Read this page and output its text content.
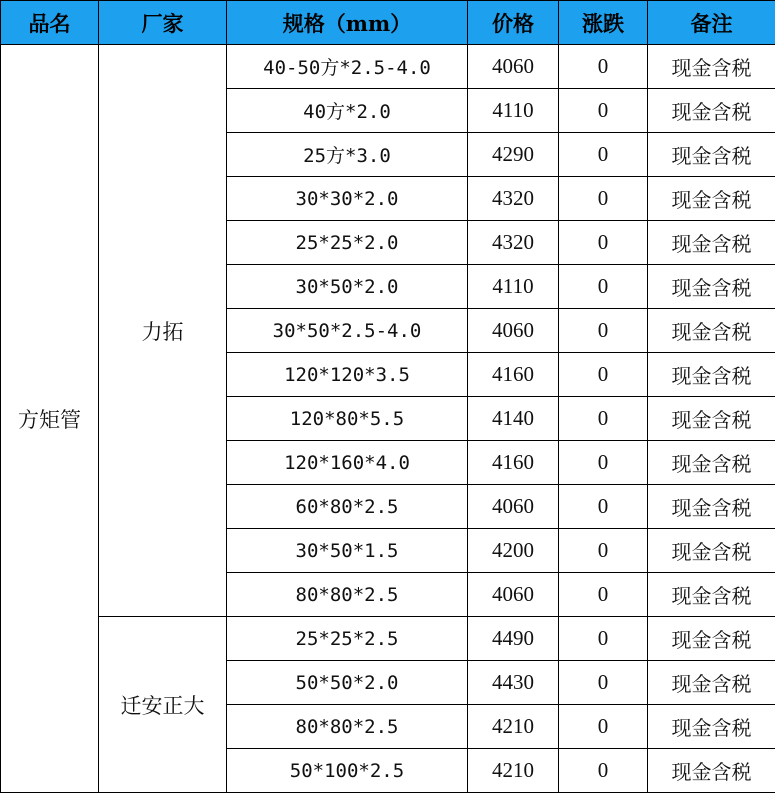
品名	厂家	规格（mm）	价格	涨跌	备注
方矩管	力拓	40-50方*2.5-4.0	4060	0	现金含税
		40方*2.0	4110	0	现金含税
		25方*3.0	4290	0	现金含税
		30*30*2.0	4320	0	现金含税
		25*25*2.0	4320	0	现金含税
		30*50*2.0	4110	0	现金含税
		30*50*2.5-4.0	4060	0	现金含税
		120*120*3.5	4160	0	现金含税
		120*80*5.5	4140	0	现金含税
		120*160*4.0	4160	0	现金含税
		60*80*2.5	4060	0	现金含税
		30*50*1.5	4200	0	现金含税
		80*80*2.5	4060	0	现金含税
	迁安正大	25*25*2.5	4490	0	现金含税
		50*50*2.0	4430	0	现金含税
		80*80*2.5	4210	0	现金含税
		50*100*2.5	4210	0	现金含税
